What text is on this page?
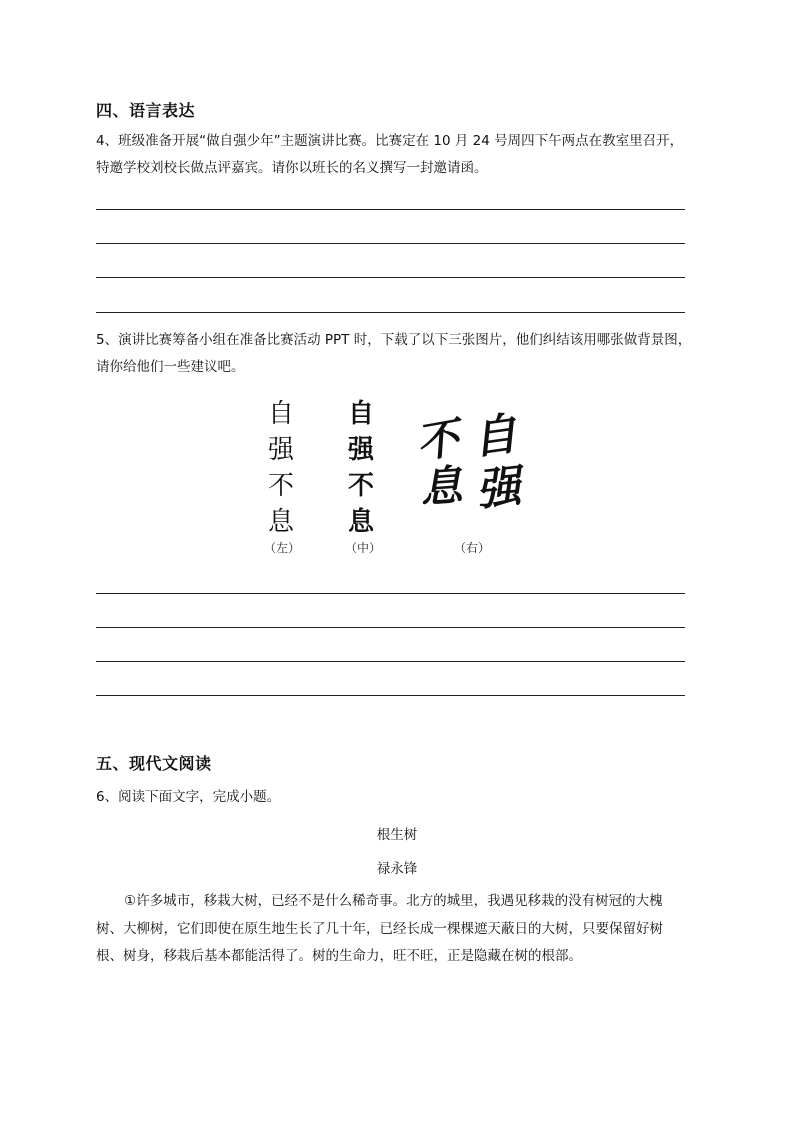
四、语言表达
4、班级准备开展“做自强少年”主题演讲比赛。比赛定在 10 月 24 号周四下午两点在教室里召开，
特邀学校刘校长做点评嘉宾。请你以班长的名义撰写一封邀请函。
5、演讲比赛筹备小组在准备比赛活动 PPT 时，下载了以下三张图片，他们纠结该用哪张做背景图，
请你给他们一些建议吧。
自
强
不
息
（左）
自
强
不
息
（中）
自
强
不
息
（右）
五、现代文阅读
6、阅读下面文字，完成小题。
根生树
禄永锋
①许多城市，移栽大树，已经不是什么稀奇事。北方的城里，我遇见移栽的没有树冠的大槐
树、大柳树，它们即使在原生地生长了几十年，已经长成一棵棵遮天蔽日的大树，只要保留好树
根、树身，移栽后基本都能活得了。树的生命力，旺不旺，正是隐藏在树的根部。
